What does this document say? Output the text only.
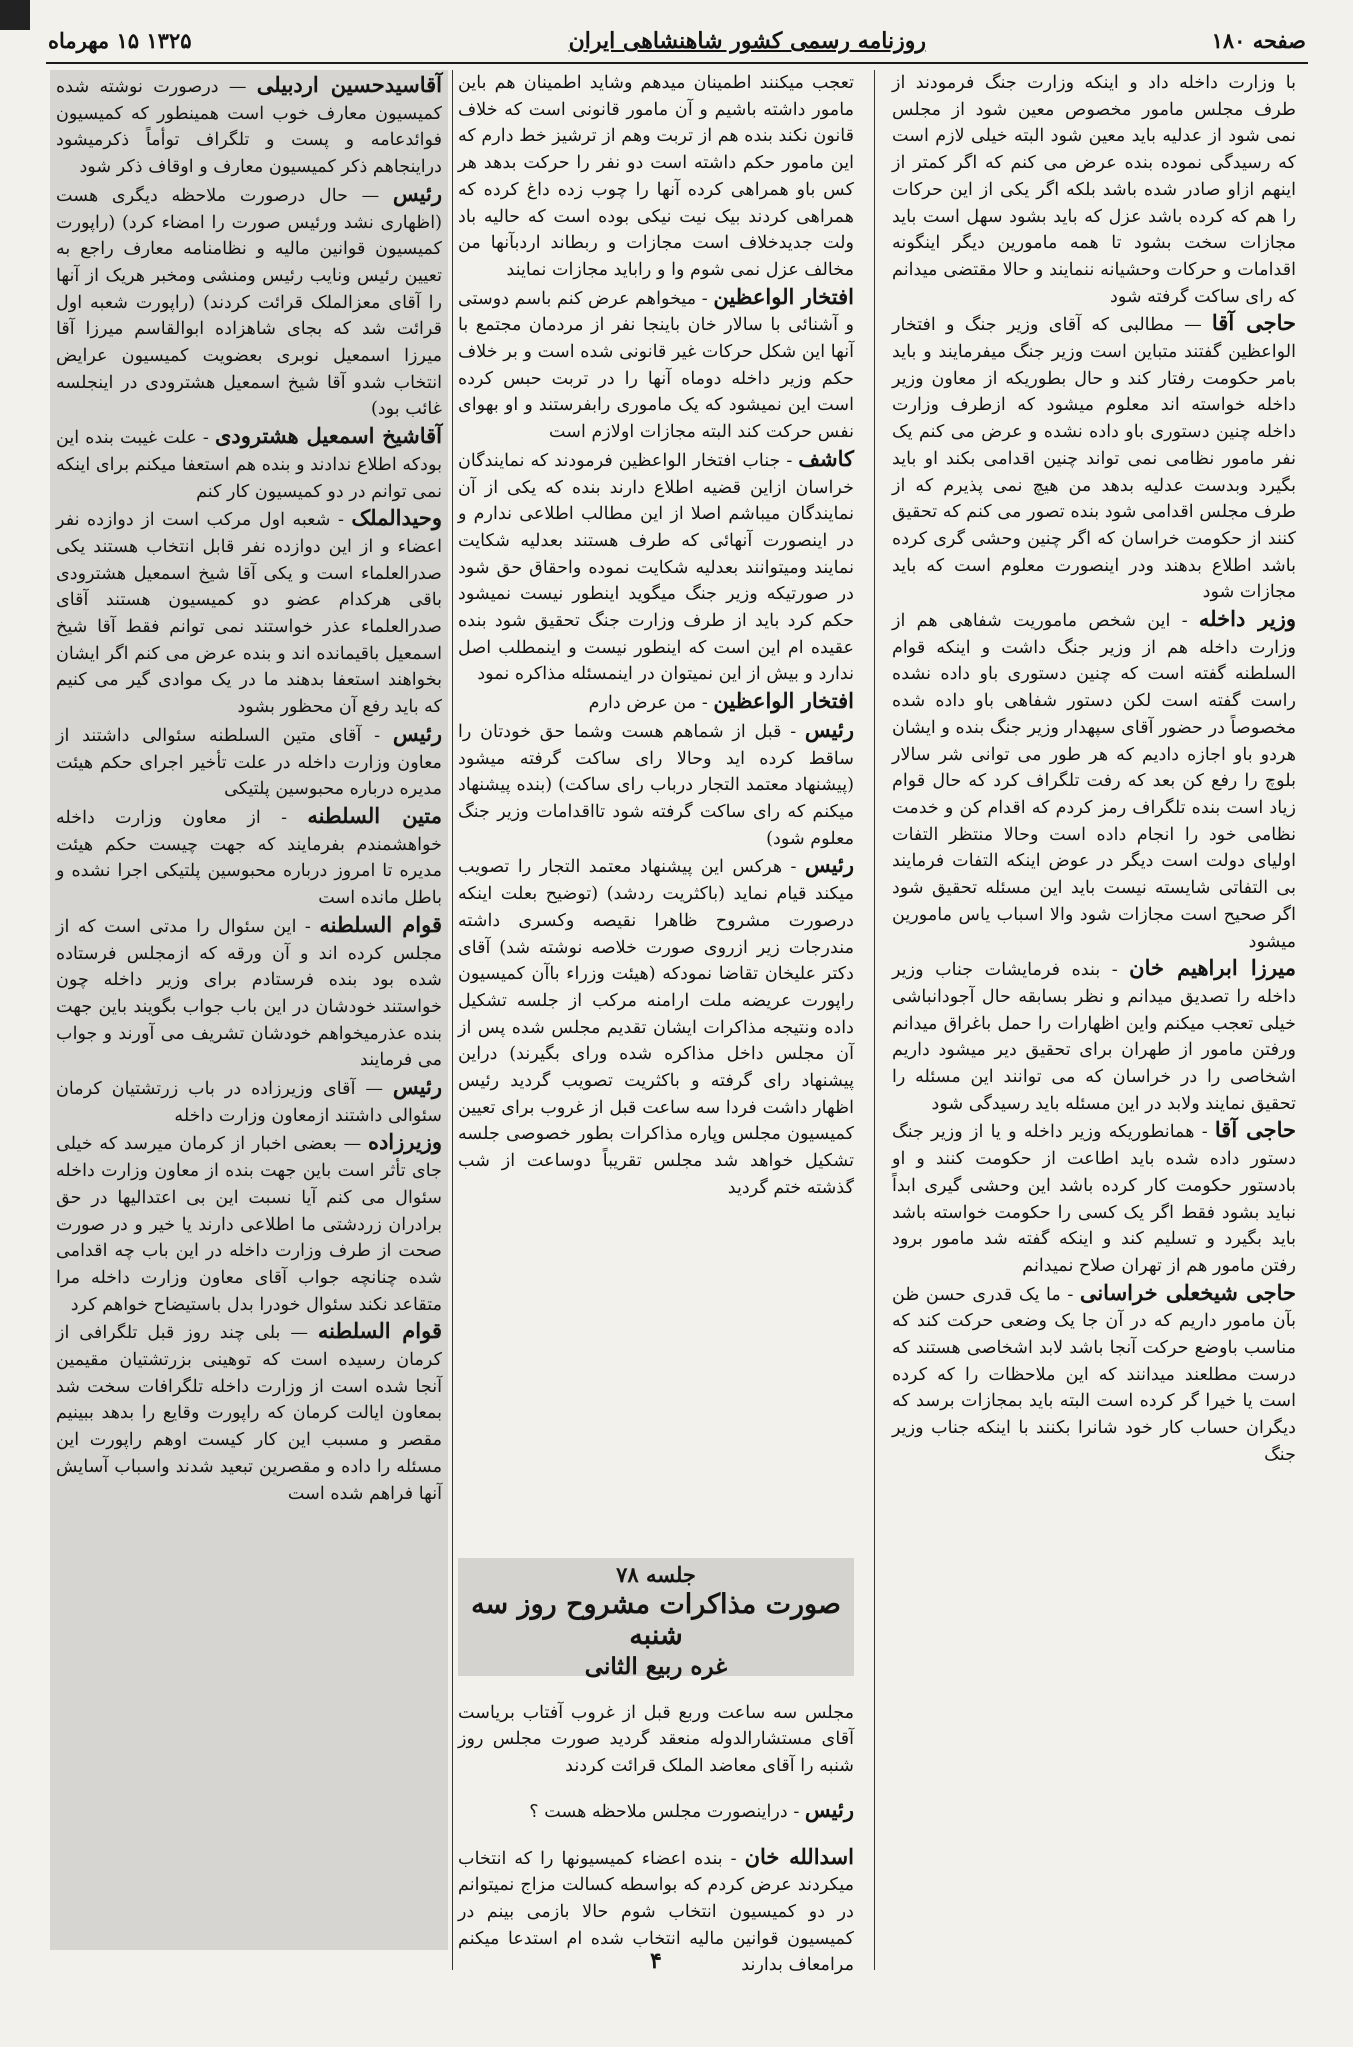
صفحه ۱۸۰
روزنامه رسمی کشور شاهنشاهی ایران
۱۳۲۵ ۱۵ مهرماه

با وزارت داخله داد و اینکه وزارت جنگ فرمودند از طرف مجلس مامور مخصوص معین شود از مجلس نمی شود از عدلیه باید معین شود البته خیلی لازم است که رسیدگی نموده بنده عرض می کنم که اگر کمتر از اینهم ازاو صادر شده باشد بلکه اگر یکی از این حرکات را هم که کرده باشد عزل که باید بشود سهل است باید مجازات سخت بشود تا همه مامورین دیگر اینگونه اقدامات و حرکات وحشیانه ننمایند و حالا مقتضی میدانم که رای ساکت گرفته شود

حاجی آقا — مطالبی که آقای وزیر جنگ و افتخار الواعظین گفتند متباین است وزیر جنگ میفرمایند و باید بامر حکومت رفتار کند و حال بطوریکه از معاون وزیر داخله خواسته اند معلوم میشود که ازطرف وزارت داخله چنین دستوری باو داده نشده و عرض می کنم یک نفر مامور نظامی نمی تواند چنین اقدامی بکند او باید بگیرد وبدست عدلیه بدهد من هیچ نمی پذیرم که از طرف مجلس اقدامی شود بنده تصور می کنم که تحقیق کنند از حکومت خراسان که اگر چنین وحشی گری کرده باشد اطلاع بدهند ودر اینصورت معلوم است که باید مجازات شود

وزیر داخله - این شخص ماموریت شفاهی هم از وزارت داخله هم از وزیر جنگ داشت و اینکه قوام السلطنه گفته است که چنین دستوری باو داده نشده راست گفته است لکن دستور شفاهی باو داده شده مخصوصاً در حضور آقای سپهدار وزیر جنگ بنده و ایشان هردو باو اجازه دادیم که هر طور می توانی شر سالار بلوچ را رفع کن بعد که رفت تلگراف کرد که حال قوام زیاد است بنده تلگراف رمز کردم که اقدام کن و خدمت نظامی خود را انجام داده است وحالا منتظر التفات اولیای دولت است دیگر در عوض اینکه التفات فرمایند بی التفاتی شایسته نیست باید این مسئله تحقیق شود اگر صحیح است مجازات شود والا اسباب یاس مامورین میشود

میرزا ابراهیم خان - بنده فرمایشات جناب وزیر داخله را تصدیق میدانم و نظر بسابقه حال آجودانباشی خیلی تعجب میکنم واین اظهارات را حمل باغراق میدانم ورفتن مامور از طهران برای تحقیق دیر میشود داریم اشخاصی را در خراسان که می توانند این مسئله را تحقیق نمایند ولابد در این مسئله باید رسیدگی شود

حاجی آقا - همانطوریکه وزیر داخله و یا از وزیر جنگ دستور داده شده باید اطاعت از حکومت کنند و او بادستور حکومت کار کرده باشد این وحشی گیری ابداً نباید بشود فقط اگر یک کسی را حکومت خواسته باشد باید بگیرد و تسلیم کند و اینکه گفته شد مامور برود رفتن مامور هم از تهران صلاح نمیدانم

حاجی شیخعلی خراسانی - ما یک قدری حسن ظن بآن مامور داریم که در آن جا یک وضعی حرکت کند که مناسب باوضع حرکت آنجا باشد لابد اشخاصی هستند که درست مطلعند میدانند که این ملاحظات را که کرده است یا خیرا گر کرده است البته باید بمجازات برسد که دیگران حساب کار خود شانرا بکنند با اینکه جناب وزیر جنگ

تعجب میکنند اطمینان میدهم وشاید اطمینان هم باین مامور داشته باشیم و آن مامور قانونی است که خلاف قانون نکند بنده هم از تربت وهم از ترشیز خط دارم که این مامور حکم داشته است دو نفر را حرکت بدهد هر کس باو همراهی کرده آنها را چوب زده داغ کرده که همراهی کردند بیک نیت نیکی بوده است که حالیه باد ولت جدیدخلاف است مجازات و ربطاند اردبآنها من مخالف عزل نمی شوم وا و راباید مجازات نمایند

افتخار الواعظین - میخواهم عرض کنم باسم دوستی و آشنائی با سالار خان باینجا نفر از مردمان مجتمع با آنها این شکل حرکات غیر قانونی شده است و بر خلاف حکم وزیر داخله دوماه آنها را در تربت حبس کرده است این نمیشود که یک ماموری رابفرستند و او بهوای نفس حرکت کند البته مجازات اولازم است

کاشف - جناب افتخار الواعظین فرمودند که نمایندگان خراسان ازاین قضیه اطلاع دارند بنده که یکی از آن نمایندگان میباشم اصلا از این مطالب اطلاعی ندارم و در اینصورت آنهائی که طرف هستند بعدلیه شکایت نمایند ومیتوانند بعدلیه شکایت نموده واحقاق حق شود در صورتیکه وزیر جنگ میگوید اینطور نیست نمیشود حکم کرد باید از طرف وزارت جنگ تحقیق شود بنده عقیده ام این است که اینطور نیست و اینمطلب اصل ندارد و بیش از این نمیتوان در اینمسئله مذاکره نمود

افتخار الواعظین - من عرض دارم

رئیس - قبل از شماهم هست وشما حق خودتان را ساقط کرده اید وحالا رای ساکت گرفته میشود (پیشنهاد معتمد التجار درباب رای ساکت) (بنده پیشنهاد میکنم که رای ساکت گرفته شود تااقدامات وزیر جنگ معلوم شود)

رئیس - هرکس این پیشنهاد معتمد التجار را تصویب میکند قیام نماید (باکثریت ردشد) (توضیح بعلت اینکه درصورت مشروح ظاهرا نقیصه وکسری داشته مندرجات زیر ازروی صورت خلاصه نوشته شد) آقای دکتر علیخان تقاضا نمودکه (هیئت وزراء باآن کمیسیون راپورت عریضه ملت ارامنه مرکب از جلسه تشکیل داده ونتیجه مذاکرات ایشان تقدیم مجلس شده پس از آن مجلس داخل مذاکره شده ورای بگیرند) دراین پیشنهاد رای گرفته و باکثریت تصویب گردید رئیس اظهار داشت فردا سه ساعت قبل از غروب برای تعیین کمیسیون مجلس وپاره مذاکرات بطور خصوصی جلسه تشکیل خواهد شد مجلس تقریباً دوساعت از شب گذشته ختم گردید

جلسه ۷۸
صورت مذاکرات مشروح روز سه شنبه
غره ربیع الثانی

مجلس سه ساعت وربع قبل از غروب آفتاب بریاست آقای مستشارالدوله منعقد گردید صورت مجلس روز شنبه را آقای معاضد الملک قرائت کردند

رئیس - دراینصورت مجلس ملاحظه هست ؟

اسدالله خان - بنده اعضاء کمیسیونها را که انتخاب میکردند عرض کردم که بواسطه کسالت مزاج نمیتوانم در دو کمیسیون انتخاب شوم حالا بازمی بینم در کمیسیون قوانین مالیه انتخاب شده ام استدعا میکنم مرامعاف بدارند

آقاسیدحسین اردبیلی — درصورت نوشته شده کمیسیون معارف خوب است همینطور که کمیسیون فوائدعامه و پست و تلگراف توأماً ذکرمیشود دراینجاهم ذکر کمیسیون معارف و اوقاف ذکر شود

رئیس — حال درصورت ملاحظه دیگری هست (اظهاری نشد ورئیس صورت را امضاء کرد) (راپورت کمیسیون قوانین مالیه و نظامنامه معارف راجع به تعیین رئیس ونایب رئیس ومنشی ومخبر هریک از آنها را آقای معزالملک قرائت کردند) (راپورت شعبه اول قرائت شد که بجای شاهزاده ابوالقاسم میرزا آقا میرزا اسمعیل نوبری بعضویت کمیسیون عرایض انتخاب شدو آقا شیخ اسمعیل هشترودی در اینجلسه غائب بود)

آقاشیخ اسمعیل هشترودی - علت غیبت بنده این بودکه اطلاع ندادند و بنده هم استعفا میکنم برای اینکه نمی توانم در دو کمیسیون کار کنم

وحیدالملک - شعبه اول مرکب است از دوازده نفر اعضاء و از این دوازده نفر قابل انتخاب هستند یکی صدرالعلماء است و یکی آقا شیخ اسمعیل هشترودی باقی هرکدام عضو دو کمیسیون هستند آقای صدرالعلماء عذر خواستند نمی توانم فقط آقا شیخ اسمعیل باقیمانده اند و بنده عرض می کنم اگر ایشان بخواهند استعفا بدهند ما در یک موادی گیر می کنیم که باید رفع آن محظور بشود

رئیس - آقای متین السلطنه سئوالی داشتند از معاون وزارت داخله در علت تأخیر اجرای حکم هیئت مدیره درباره محبوسین پلتیکی

متین السلطنه - از معاون وزارت داخله خواهشمندم بفرمایند که جهت چیست حکم هیئت مدیره تا امروز درباره محبوسین پلتیکی اجرا نشده و باطل مانده است

قوام السلطنه - این سئوال را مدتی است که از مجلس کرده اند و آن ورقه که ازمجلس فرستاده شده بود بنده فرستادم برای وزیر داخله چون خواستند خودشان در این باب جواب بگویند باین جهت بنده عذرمیخواهم خودشان تشریف می آورند و جواب می فرمایند

رئیس — آقای وزیرزاده در باب زرتشتیان کرمان سئوالی داشتند ازمعاون وزارت داخله

وزیرزاده — بعضی اخبار از کرمان میرسد که خیلی جای تأثر است باین جهت بنده از معاون وزارت داخله سئوال می کنم آیا نسبت این بی اعتدالیها در حق برادران زردشتی ما اطلاعی دارند یا خیر و در صورت صحت از طرف وزارت داخله در این باب چه اقدامی شده چنانچه جواب آقای معاون وزارت داخله مرا متقاعد نکند سئوال خودرا بدل باستیضاح خواهم کرد

قوام السلطنه — بلی چند روز قبل تلگرافی از کرمان رسیده است که توهینی بزرتشتیان مقیمین آنجا شده است از وزارت داخله تلگرافات سخت شد بمعاون ایالت کرمان که راپورت وقایع را بدهد ببینیم مقصر و مسبب این کار کیست اوهم راپورت این مسئله را داده و مقصرین تبعید شدند واسباب آسایش آنها فراهم شده است

۴
